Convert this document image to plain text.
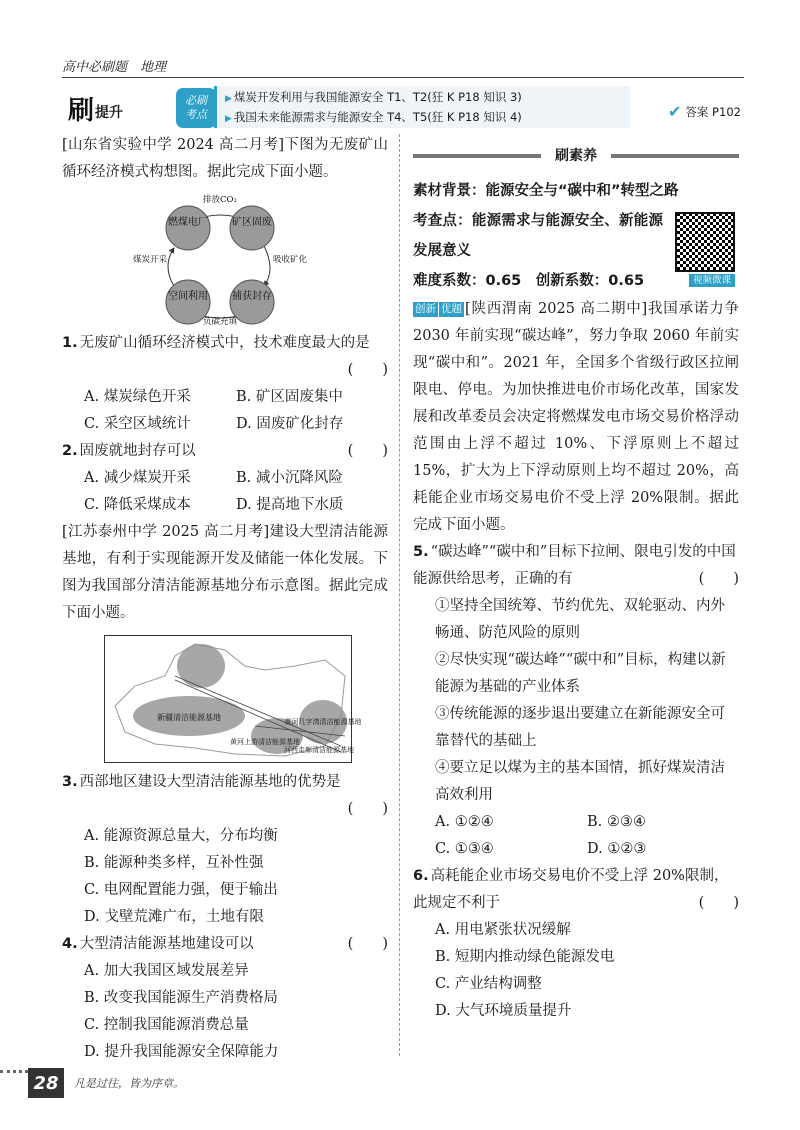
高中必刷题　地理
刷 提升
必刷考点
▶ 煤炭开发利用与我国能源安全 T1、T2(狂 K P18 知识 3)
▶ 我国未来能源需求与能源安全 T4、T5(狂 K P18 知识 4)	✔ 答案 P102

[山东省实验中学 2024 高二月考]下图为无废矿山循环经济模式构想图。据此完成下面小题。

燃煤电厂 矿区固废
捕获封存
空间利用
排放CO₂
吸收矿化
负碳充填
煤炭开采
1. 无废矿山循环经济模式中，技术难度最大的是
(　　)
A. 煤炭绿色开采	B. 矿区固废集中
C. 采空区域统计	D. 固废矿化封存
2. 固废就地封存可以	(　　)
A. 减少煤炭开采	B. 减小沉降风险
C. 降低采煤成本	D. 提高地下水质

[江苏泰州中学 2025 高二月考]建设大型清洁能源基地，有利于实现能源开发及储能一体化发展。下图为我国部分清洁能源基地分布示意图。据此完成下面小题。

新疆清洁能源基地	黄河几字湾清洁能源基地
黄河上游清洁能源基地
河西走廊清洁能源基地
3. 西部地区建设大型清洁能源基地的优势是
(　　)
A. 能源资源总量大，分布均衡
B. 能源种类多样，互补性强
C. 电网配置能力强，便于输出
D. 戈壁荒滩广布，土地有限
4. 大型清洁能源基地建设可以	(　　)
A. 加大我国区域发展差异
B. 改变我国能源生产消费格局
C. 控制我国能源消费总量
D. 提升我国能源安全保障能力
刷素养

素材背景：能源安全与“碳中和”转型之路

考查点：能源需求与能源安全、新能源发展意义

难度系数：0.65　创新系数：0.65	视频微课

创新 优题 [陕西渭南 2025 高二期中]我国承诺力争 2030 年前实现“碳达峰”，努力争取 2060 年前实现“碳中和”。2021 年，全国多个省级行政区拉闸限电、停电。为加快推进电价市场化改革，国家发展和改革委员会决定将燃煤发电市场交易价格浮动范围由上浮不超过 10%、下浮原则上不超过 15%，扩大为上下浮动原则上均不超过 20%，高耗能企业市场交易电价不受上浮 20%限制。据此完成下面小题。

5. “碳达峰”“碳中和”目标下拉闸、限电引发的中国能源供给思考，正确的有	(　　)
①坚持全国统筹、节约优先、双轮驱动、内外畅通、防范风险的原则
②尽快实现“碳达峰”“碳中和”目标，构建以新能源为基础的产业体系
③传统能源的逐步退出要建立在新能源安全可靠替代的基础上
④要立足以煤为主的基本国情，抓好煤炭清洁高效利用
A. ①②④	B. ②③④
C. ①③④	D. ①②③
6. 高耗能企业市场交易电价不受上浮 20%限制，此规定不利于	(　　)
A. 用电紧张状况缓解
B. 短期内推动绿色能源发电
C. 产业结构调整
D. 大气环境质量提升
28	凡是过往，皆为序章。
